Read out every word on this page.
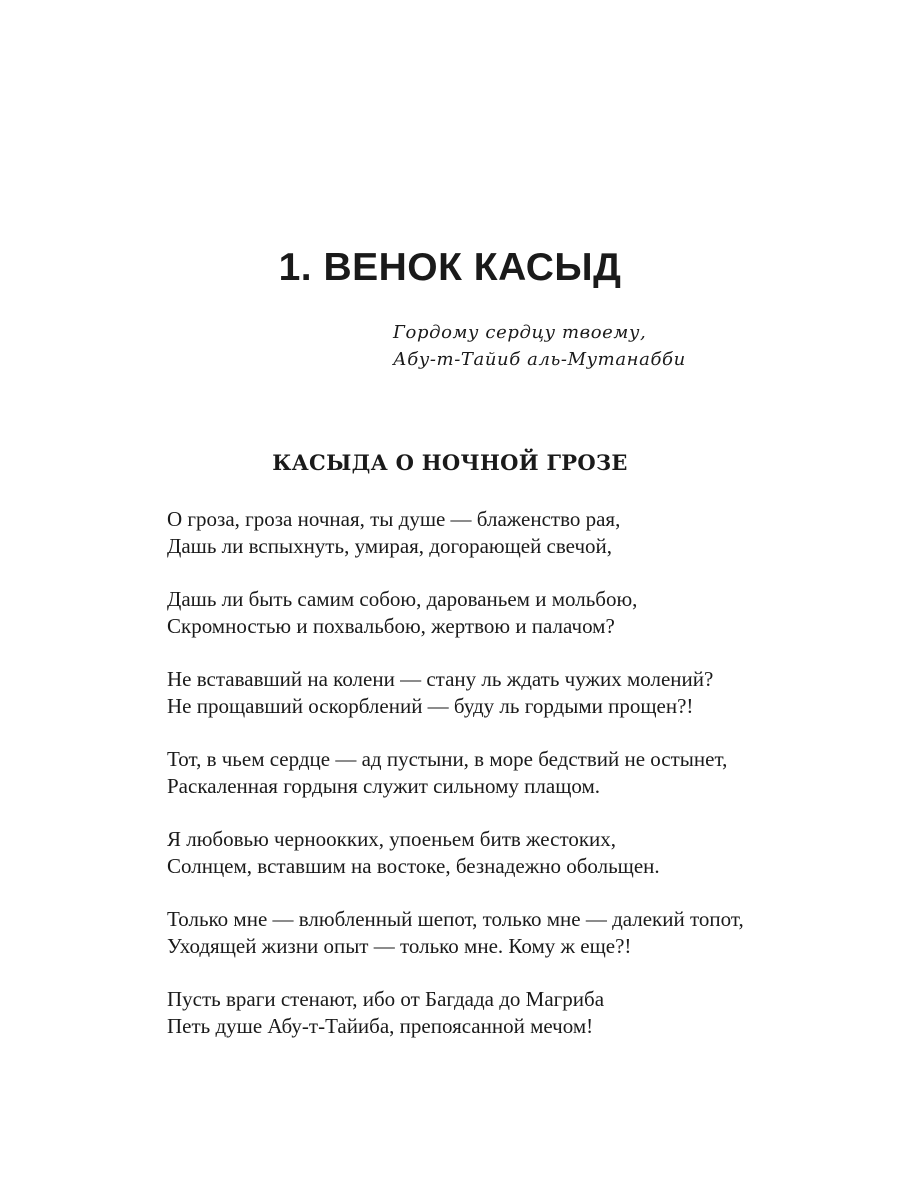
1. ВЕНОК КАСЫД
Гордому сердцу твоему,
Абу-т-Тайиб аль-Мутанабби
КАСЫДА О НОЧНОЙ ГРОЗЕ
О гроза, гроза ночная, ты душе — блаженство рая,
Дашь ли вспыхнуть, умирая, догорающей свечой,
Дашь ли быть самим собою, дарованьем и мольбою,
Скромностью и похвальбою, жертвою и палачом?
Не встававший на колени — стану ль ждать чужих молений?
Не прощавший оскорблений — буду ль гордыми прощен?!
Тот, в чьем сердце — ад пустыни, в море бедствий не остынет,
Раскаленная гордыня служит сильному плащом.
Я любовью черноокких, упоеньем битв жестоких,
Солнцем, вставшим на востоке, безнадежно обольщен.
Только мне — влюбленный шепот, только мне — далекий топот,
Уходящей жизни опыт — только мне. Кому ж еще?!
Пусть враги стенают, ибо от Багдада до Магриба
Петь душе Абу-т-Тайиба, препоясанной мечом!
